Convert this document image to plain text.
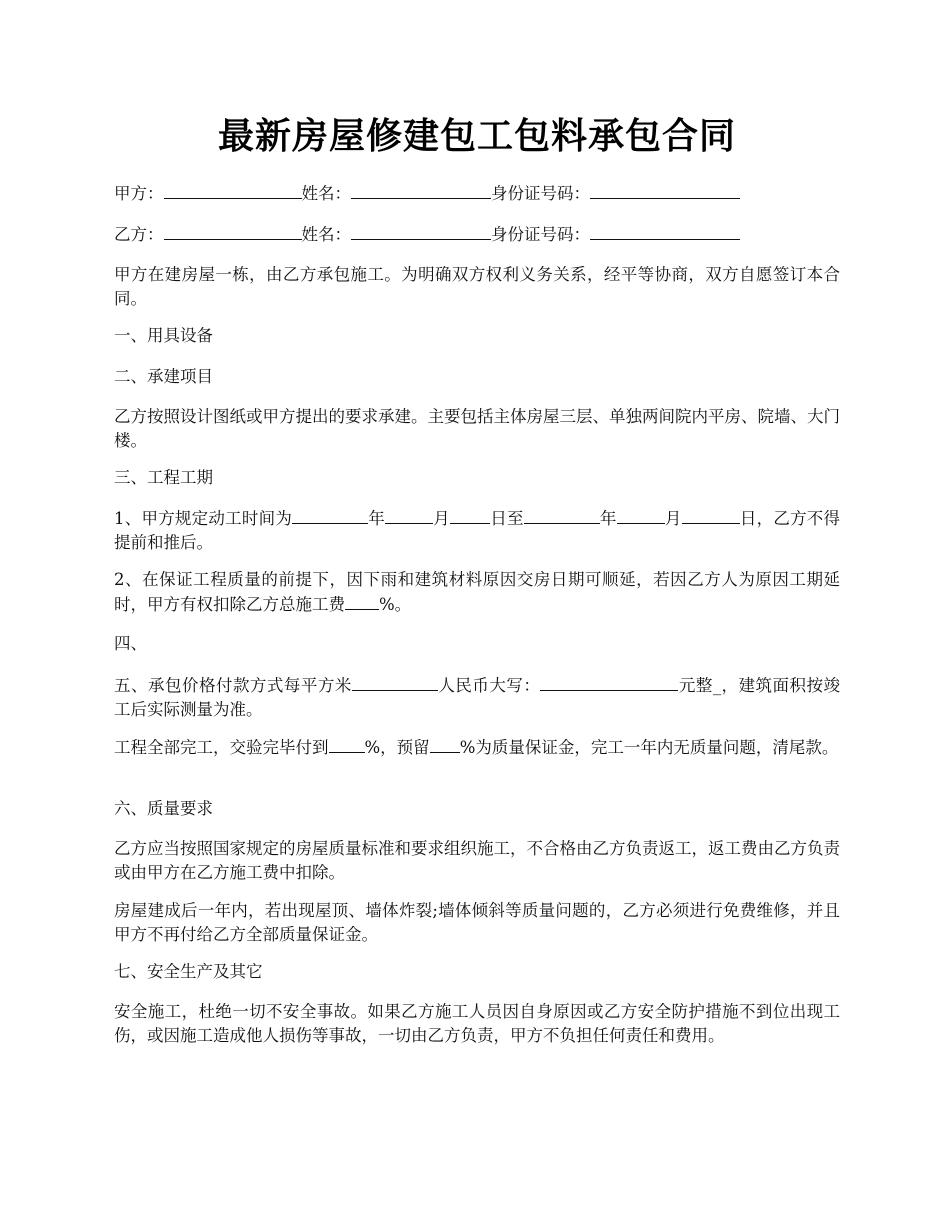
最新房屋修建包工包料承包合同

甲方：	姓名：	身份证号码：

乙方：	姓名：	身份证号码：

甲方在建房屋一栋，由乙方承包施工。为明确双方权利义务关系，经平等协商，双方自愿签订本合同。

一、用具设备

二、承建项目

乙方按照设计图纸或甲方提出的要求承建。主要包括主体房屋三层、单独两间院内平房、院墙、大门楼。

三、工程工期

1、甲方规定动工时间为	年	月 日至	年	月	日，乙方不得提前和推后。

2、在保证工程质量的前提下，因下雨和建筑材料原因交房日期可顺延，若因乙方人为原因工期延时，甲方有权扣除乙方总施工费 %。

四、

五、承包价格付款方式每平方米	人民币大写：	元整_，建筑面积按竣工后实际测量为准。

工程全部完工，交验完毕付到 %，预留 %为质量保证金，完工一年内无质量问题，清尾款。

六、质量要求

乙方应当按照国家规定的房屋质量标准和要求组织施工，不合格由乙方负责返工，返工费由乙方负责或由甲方在乙方施工费中扣除。

房屋建成后一年内，若出现屋顶、墙体炸裂;墙体倾斜等质量问题的，乙方必须进行免费维修，并且甲方不再付给乙方全部质量保证金。

七、安全生产及其它

安全施工，杜绝一切不安全事故。如果乙方施工人员因自身原因或乙方安全防护措施不到位出现工伤，或因施工造成他人损伤等事故，一切由乙方负责，甲方不负担任何责任和费用。
